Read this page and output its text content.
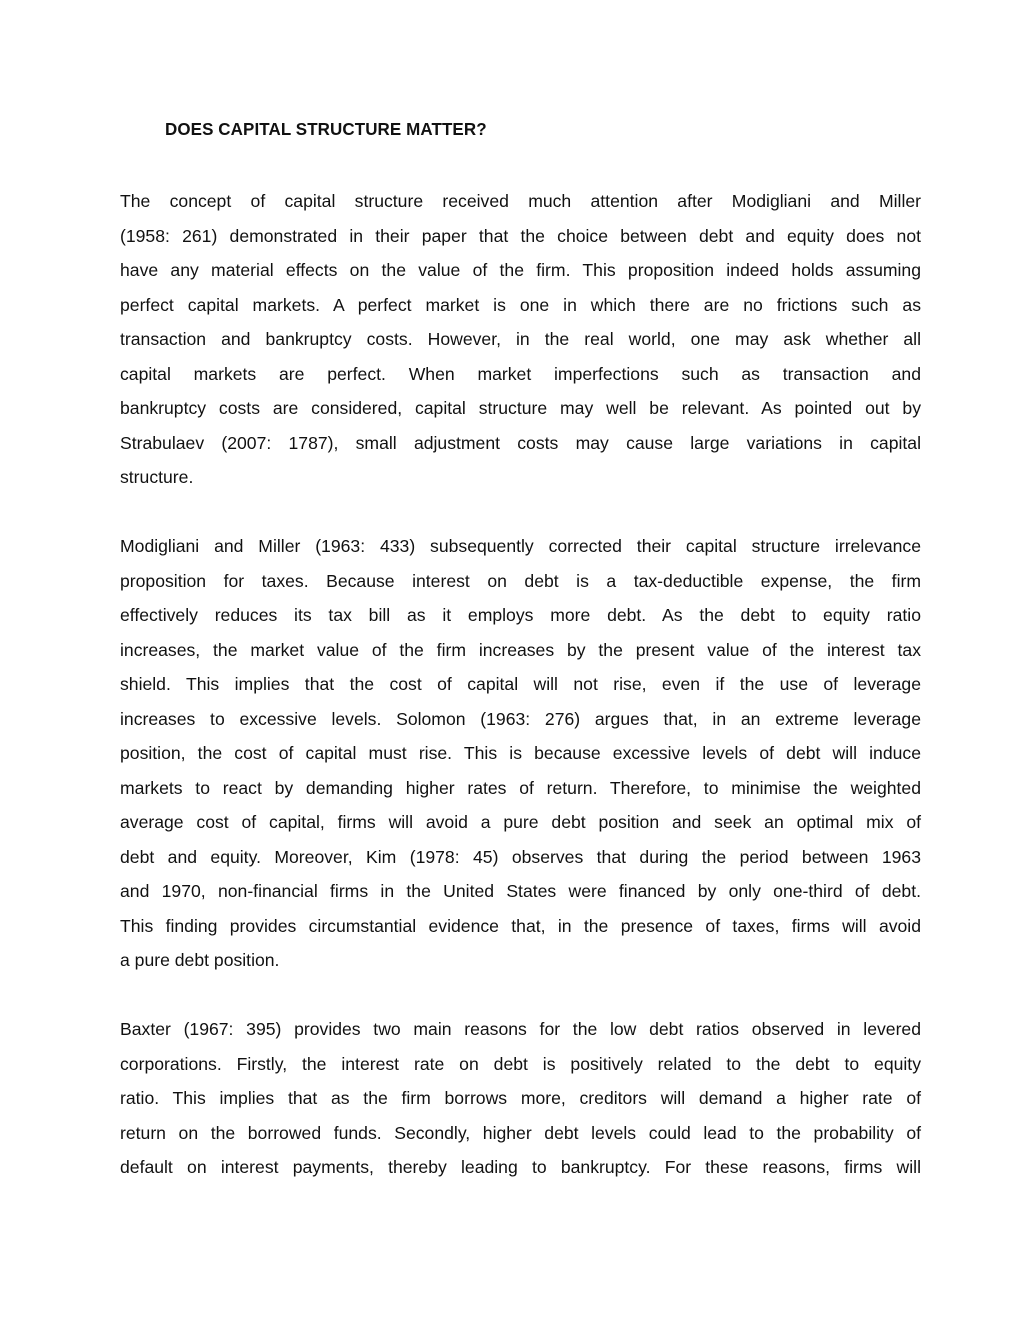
DOES CAPITAL STRUCTURE MATTER?
The concept of capital structure received much attention after Modigliani and Miller
(1958: 261) demonstrated in their paper that the choice between debt and equity does not
have any material effects on the value of the firm. This proposition indeed holds assuming
perfect capital markets. A perfect market is one in which there are no frictions such as
transaction and bankruptcy costs. However, in the real world, one may ask whether all
capital markets are perfect. When market imperfections such as transaction and
bankruptcy costs are considered, capital structure may well be relevant. As pointed out by
Strabulaev (2007: 1787), small adjustment costs may cause large variations in capital
structure.
Modigliani and Miller (1963: 433) subsequently corrected their capital structure irrelevance
proposition for taxes. Because interest on debt is a tax-deductible expense, the firm
effectively reduces its tax bill as it employs more debt. As the debt to equity ratio
increases, the market value of the firm increases by the present value of the interest tax
shield. This implies that the cost of capital will not rise, even if the use of leverage
increases to excessive levels. Solomon (1963: 276) argues that, in an extreme leverage
position, the cost of capital must rise. This is because excessive levels of debt will induce
markets to react by demanding higher rates of return. Therefore, to minimise the weighted
average cost of capital, firms will avoid a pure debt position and seek an optimal mix of
debt and equity. Moreover, Kim (1978: 45) observes that during the period between 1963
and 1970, non-financial firms in the United States were financed by only one-third of debt.
This finding provides circumstantial evidence that, in the presence of taxes, firms will avoid
a pure debt position.
Baxter (1967: 395) provides two main reasons for the low debt ratios observed in levered
corporations. Firstly, the interest rate on debt is positively related to the debt to equity
ratio. This implies that as the firm borrows more, creditors will demand a higher rate of
return on the borrowed funds. Secondly, higher debt levels could lead to the probability of
default on interest payments, thereby leading to bankruptcy. For these reasons, firms will
